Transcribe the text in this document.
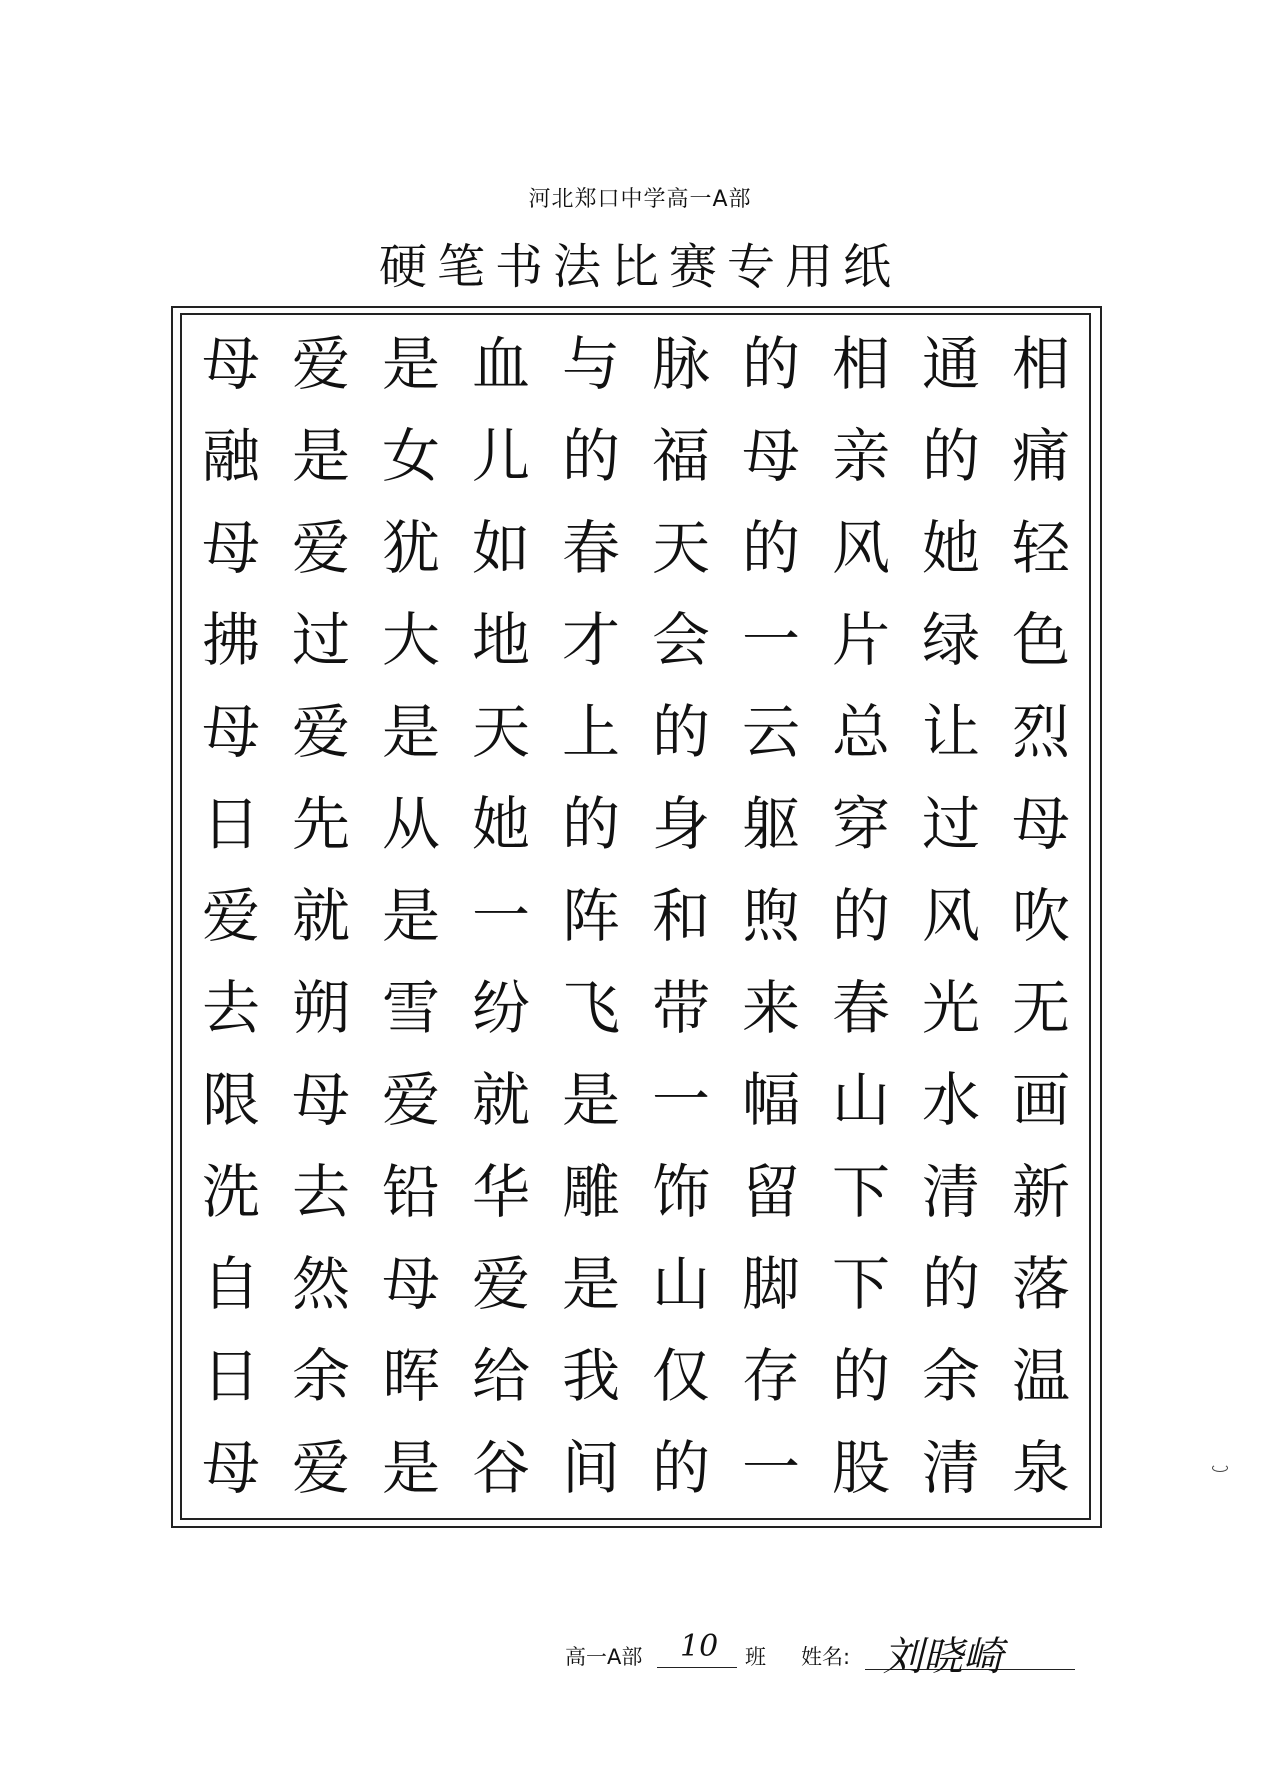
河北郑口中学高一A部
硬笔书法比赛专用纸
母 爱 是 血 与 脉 的 相 通 相
融 是 女 儿 的 福 母 亲 的 痛
母 爱 犹 如 春 天 的 风 她 轻
拂 过 大 地 才 会 一 片 绿 色
母 爱 是 天 上 的 云 总 让 烈
日 先 从 她 的 身 躯 穿 过 母
爱 就 是 一 阵 和 煦 的 风 吹
去 朔 雪 纷 飞 带 来 春 光 无
限 母 爱 就 是 一 幅 山 水 画
洗 去 铅 华 雕 饰 留 下 清 新
自 然 母 爱 是 山 脚 下 的 落
日 余 晖 给 我 仅 存 的 余 温
母 爱 是 谷 间 的 一 股 清 泉
高一A部 10 班 姓名: 刘晓崎
